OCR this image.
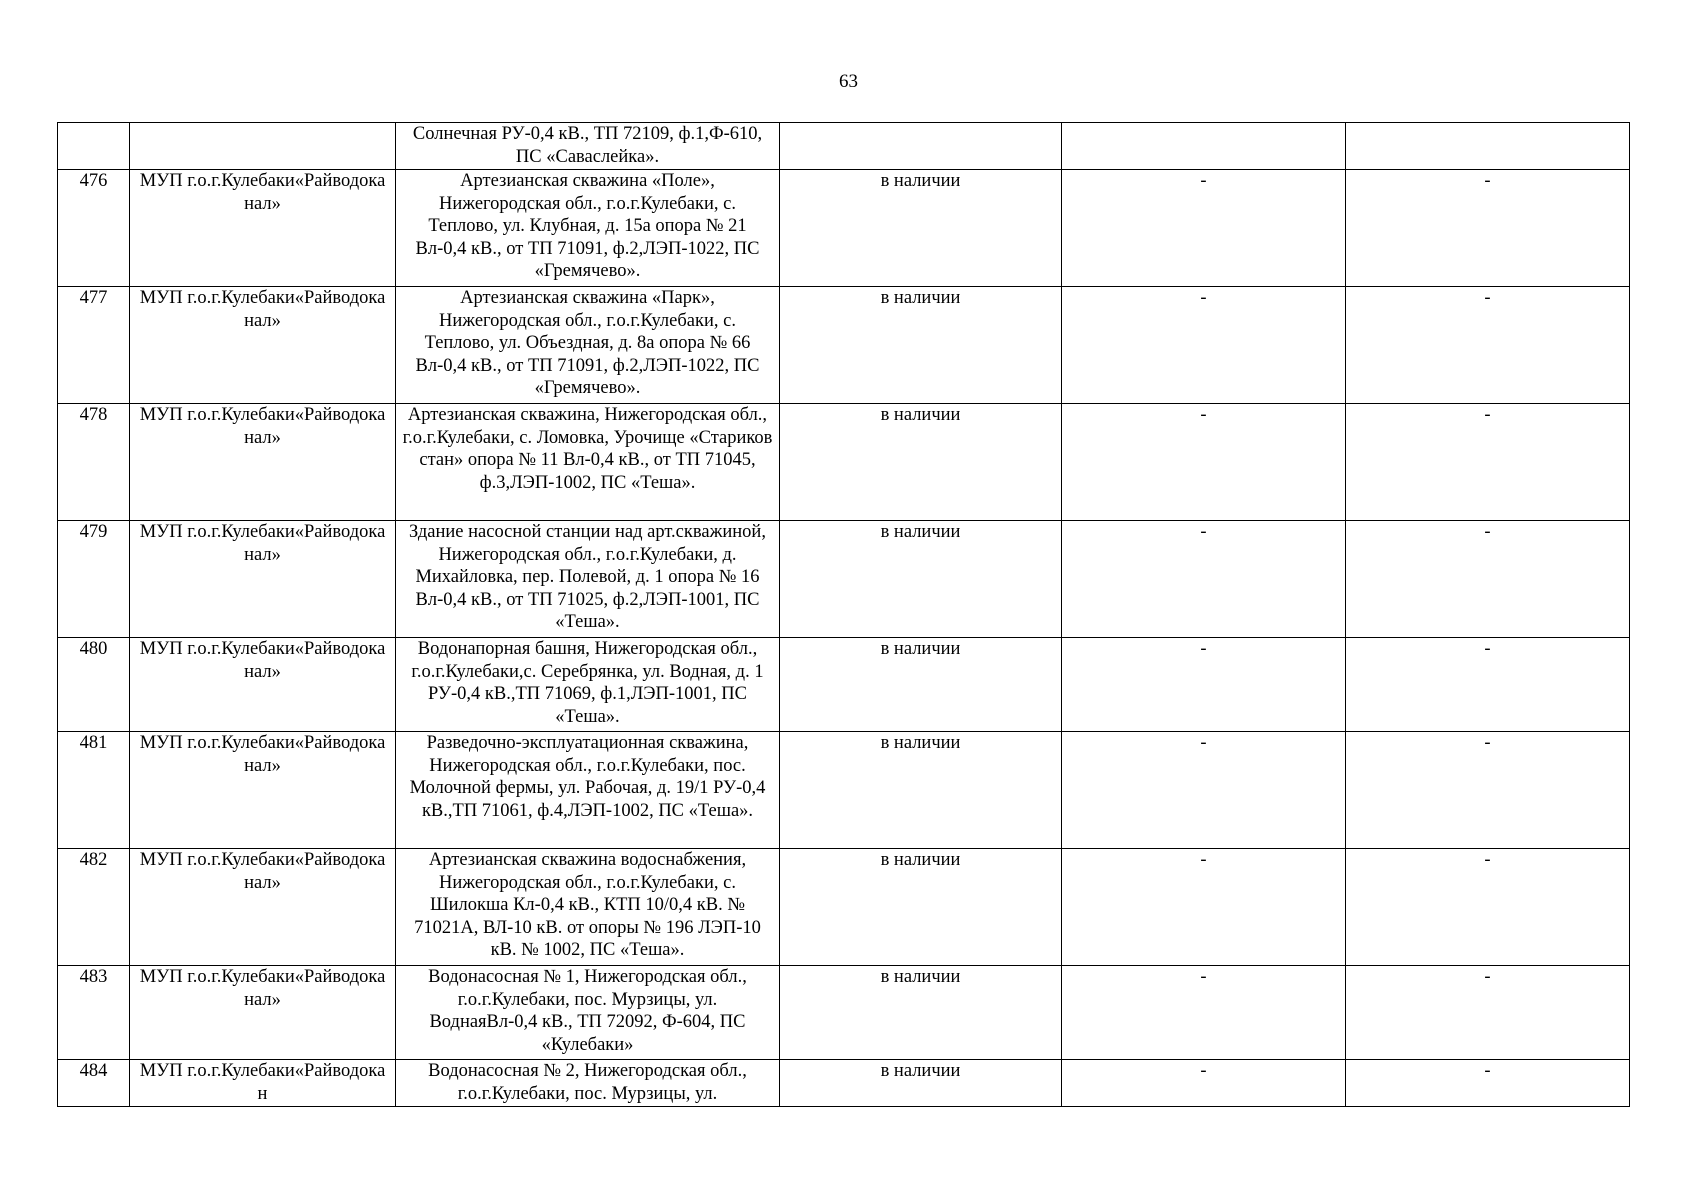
63
		Солнечная РУ-0,4 кВ., ТП 72109, ф.1,Ф-610, ПС «Саваслейка».			
476	МУП г.о.г.Кулебаки«Райводоканал»	Артезианская скважина «Поле», Нижегородская обл., г.о.г.Кулебаки, с. Теплово, ул. Клубная, д. 15а опора № 21 Вл-0,4 кВ., от ТП 71091, ф.2,ЛЭП-1022, ПС «Гремячево».	в наличии	-	-
477	МУП г.о.г.Кулебаки«Райводоканал»	Артезианская скважина «Парк», Нижегородская обл., г.о.г.Кулебаки, с. Теплово, ул. Объездная, д. 8а опора № 66 Вл-0,4 кВ., от ТП 71091, ф.2,ЛЭП-1022, ПС «Гремячево».	в наличии	-	-
478	МУП г.о.г.Кулебаки«Райводоканал»	Артезианская скважина, Нижегородская обл., г.о.г.Кулебаки, с. Ломовка, Урочище «Стариков стан» опора № 11 Вл-0,4 кВ., от ТП 71045, ф.3,ЛЭП-1002, ПС «Теша».	в наличии	-	-
479	МУП г.о.г.Кулебаки«Райводоканал»	Здание насосной станции над арт.скважиной, Нижегородская обл., г.о.г.Кулебаки, д. Михайловка, пер. Полевой, д. 1 опора № 16 Вл-0,4 кВ., от ТП 71025, ф.2,ЛЭП-1001, ПС «Теша».	в наличии	-	-
480	МУП г.о.г.Кулебаки«Райводоканал»	Водонапорная башня, Нижегородская обл., г.о.г.Кулебаки,с. Серебрянка, ул. Водная, д. 1 РУ-0,4 кВ.,ТП 71069, ф.1,ЛЭП-1001, ПС «Теша».	в наличии	-	-
481	МУП г.о.г.Кулебаки«Райводоканал»	Разведочно-эксплуатационная скважина, Нижегородская обл., г.о.г.Кулебаки, пос. Молочной фермы, ул. Рабочая, д. 19/1 РУ-0,4 кВ.,ТП 71061, ф.4,ЛЭП-1002, ПС «Теша».	в наличии	-	-
482	МУП г.о.г.Кулебаки«Райводоканал»	Артезианская скважина водоснабжения, Нижегородская обл., г.о.г.Кулебаки, с. Шилокша Кл-0,4 кВ., КТП 10/0,4 кВ. № 71021А, ВЛ-10 кВ. от опоры № 196 ЛЭП-10 кВ. № 1002, ПС «Теша».	в наличии	-	-
483	МУП г.о.г.Кулебаки«Райводоканал»	Водонасосная № 1, Нижегородская обл., г.о.г.Кулебаки, пос. Мурзицы, ул. ВоднаяВл-0,4 кВ., ТП 72092, Ф-604, ПС «Кулебаки»	в наличии	-	-
484	МУП г.о.г.Кулебаки«Райводокан	Водонасосная № 2, Нижегородская обл., г.о.г.Кулебаки, пос. Мурзицы, ул.	в наличии	-	-
